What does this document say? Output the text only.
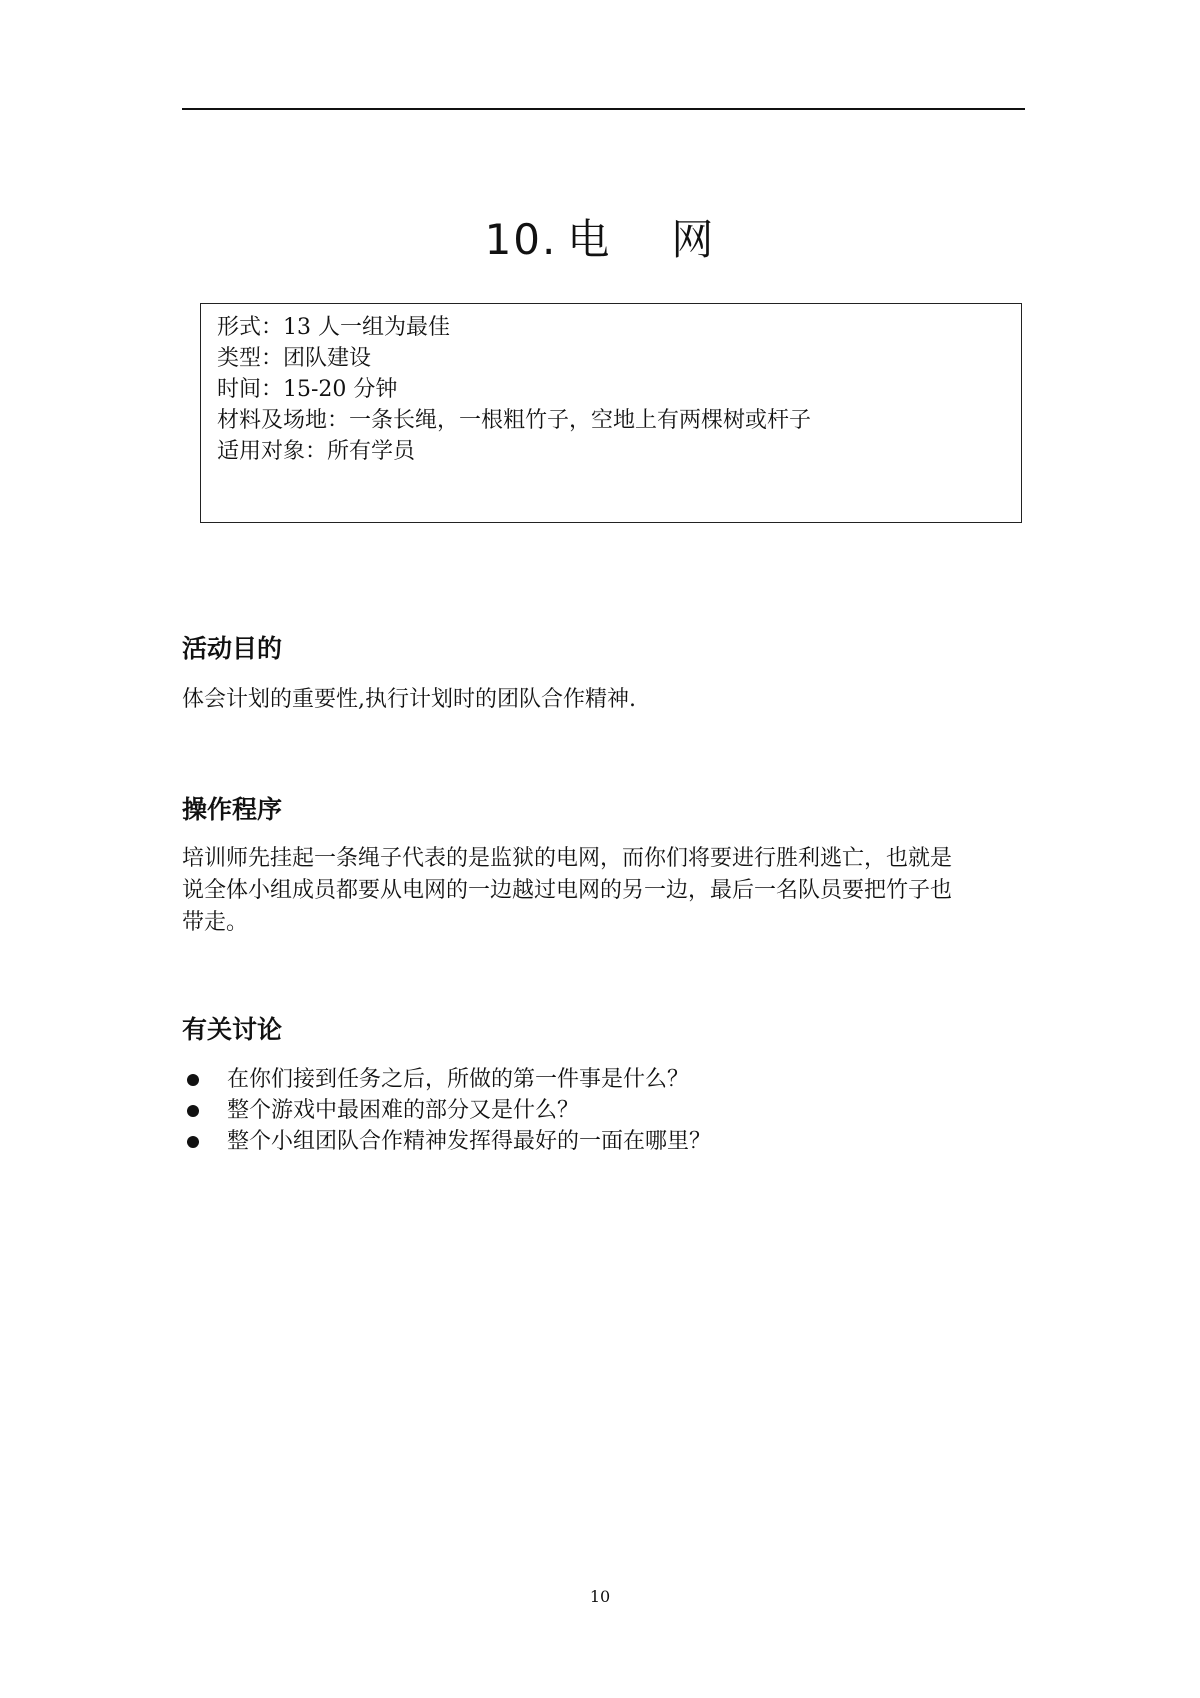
10. 电 网
形式：13 人一组为最佳
类型：团队建设
时间：15-20 分钟
材料及场地：一条长绳，一根粗竹子，空地上有两棵树或杆子
适用对象：所有学员
活动目的
体会计划的重要性,执行计划时的团队合作精神.
操作程序
培训师先挂起一条绳子代表的是监狱的电网，而你们将要进行胜利逃亡，也就是
说全体小组成员都要从电网的一边越过电网的另一边，最后一名队员要把竹子也
带走。
有关讨论
在你们接到任务之后，所做的第一件事是什么？
整个游戏中最困难的部分又是什么？
整个小组团队合作精神发挥得最好的一面在哪里？
10
